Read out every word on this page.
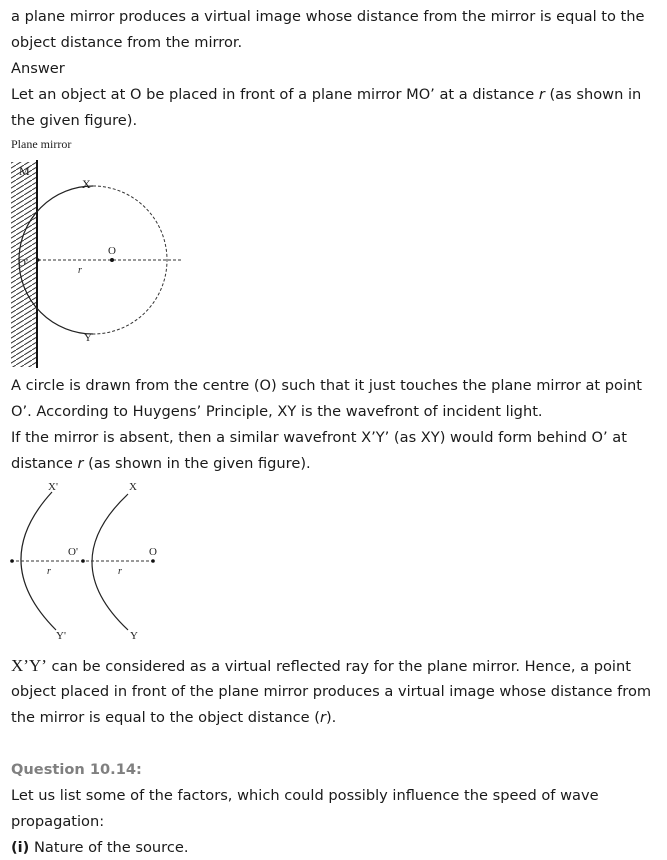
a plane mirror produces a virtual image whose distance from the mirror is equal to the
object distance from the mirror.
Answer
Let an object at O be placed in front of a plane mirror MO’ at a distance r (as shown in
the given figure).
Plane mirror
M
X
O'
O
r
Y
A circle is drawn from the centre (O) such that it just touches the plane mirror at point
O’. According to Huygens’ Principle, XY is the wavefront of incident light.
If the mirror is absent, then a similar wavefront X’Y’ (as XY) would form behind O’ at
distance r (as shown in the given figure).
X'	X
O'	O
r	r
Y'	Y
X’Y’ can be considered as a virtual reflected ray for the plane mirror. Hence, a point
object placed in front of the plane mirror produces a virtual image whose distance from
the mirror is equal to the object distance (r).
Question 10.14:
Let us list some of the factors, which could possibly influence the speed of wave
propagation:
(i) Nature of the source.
